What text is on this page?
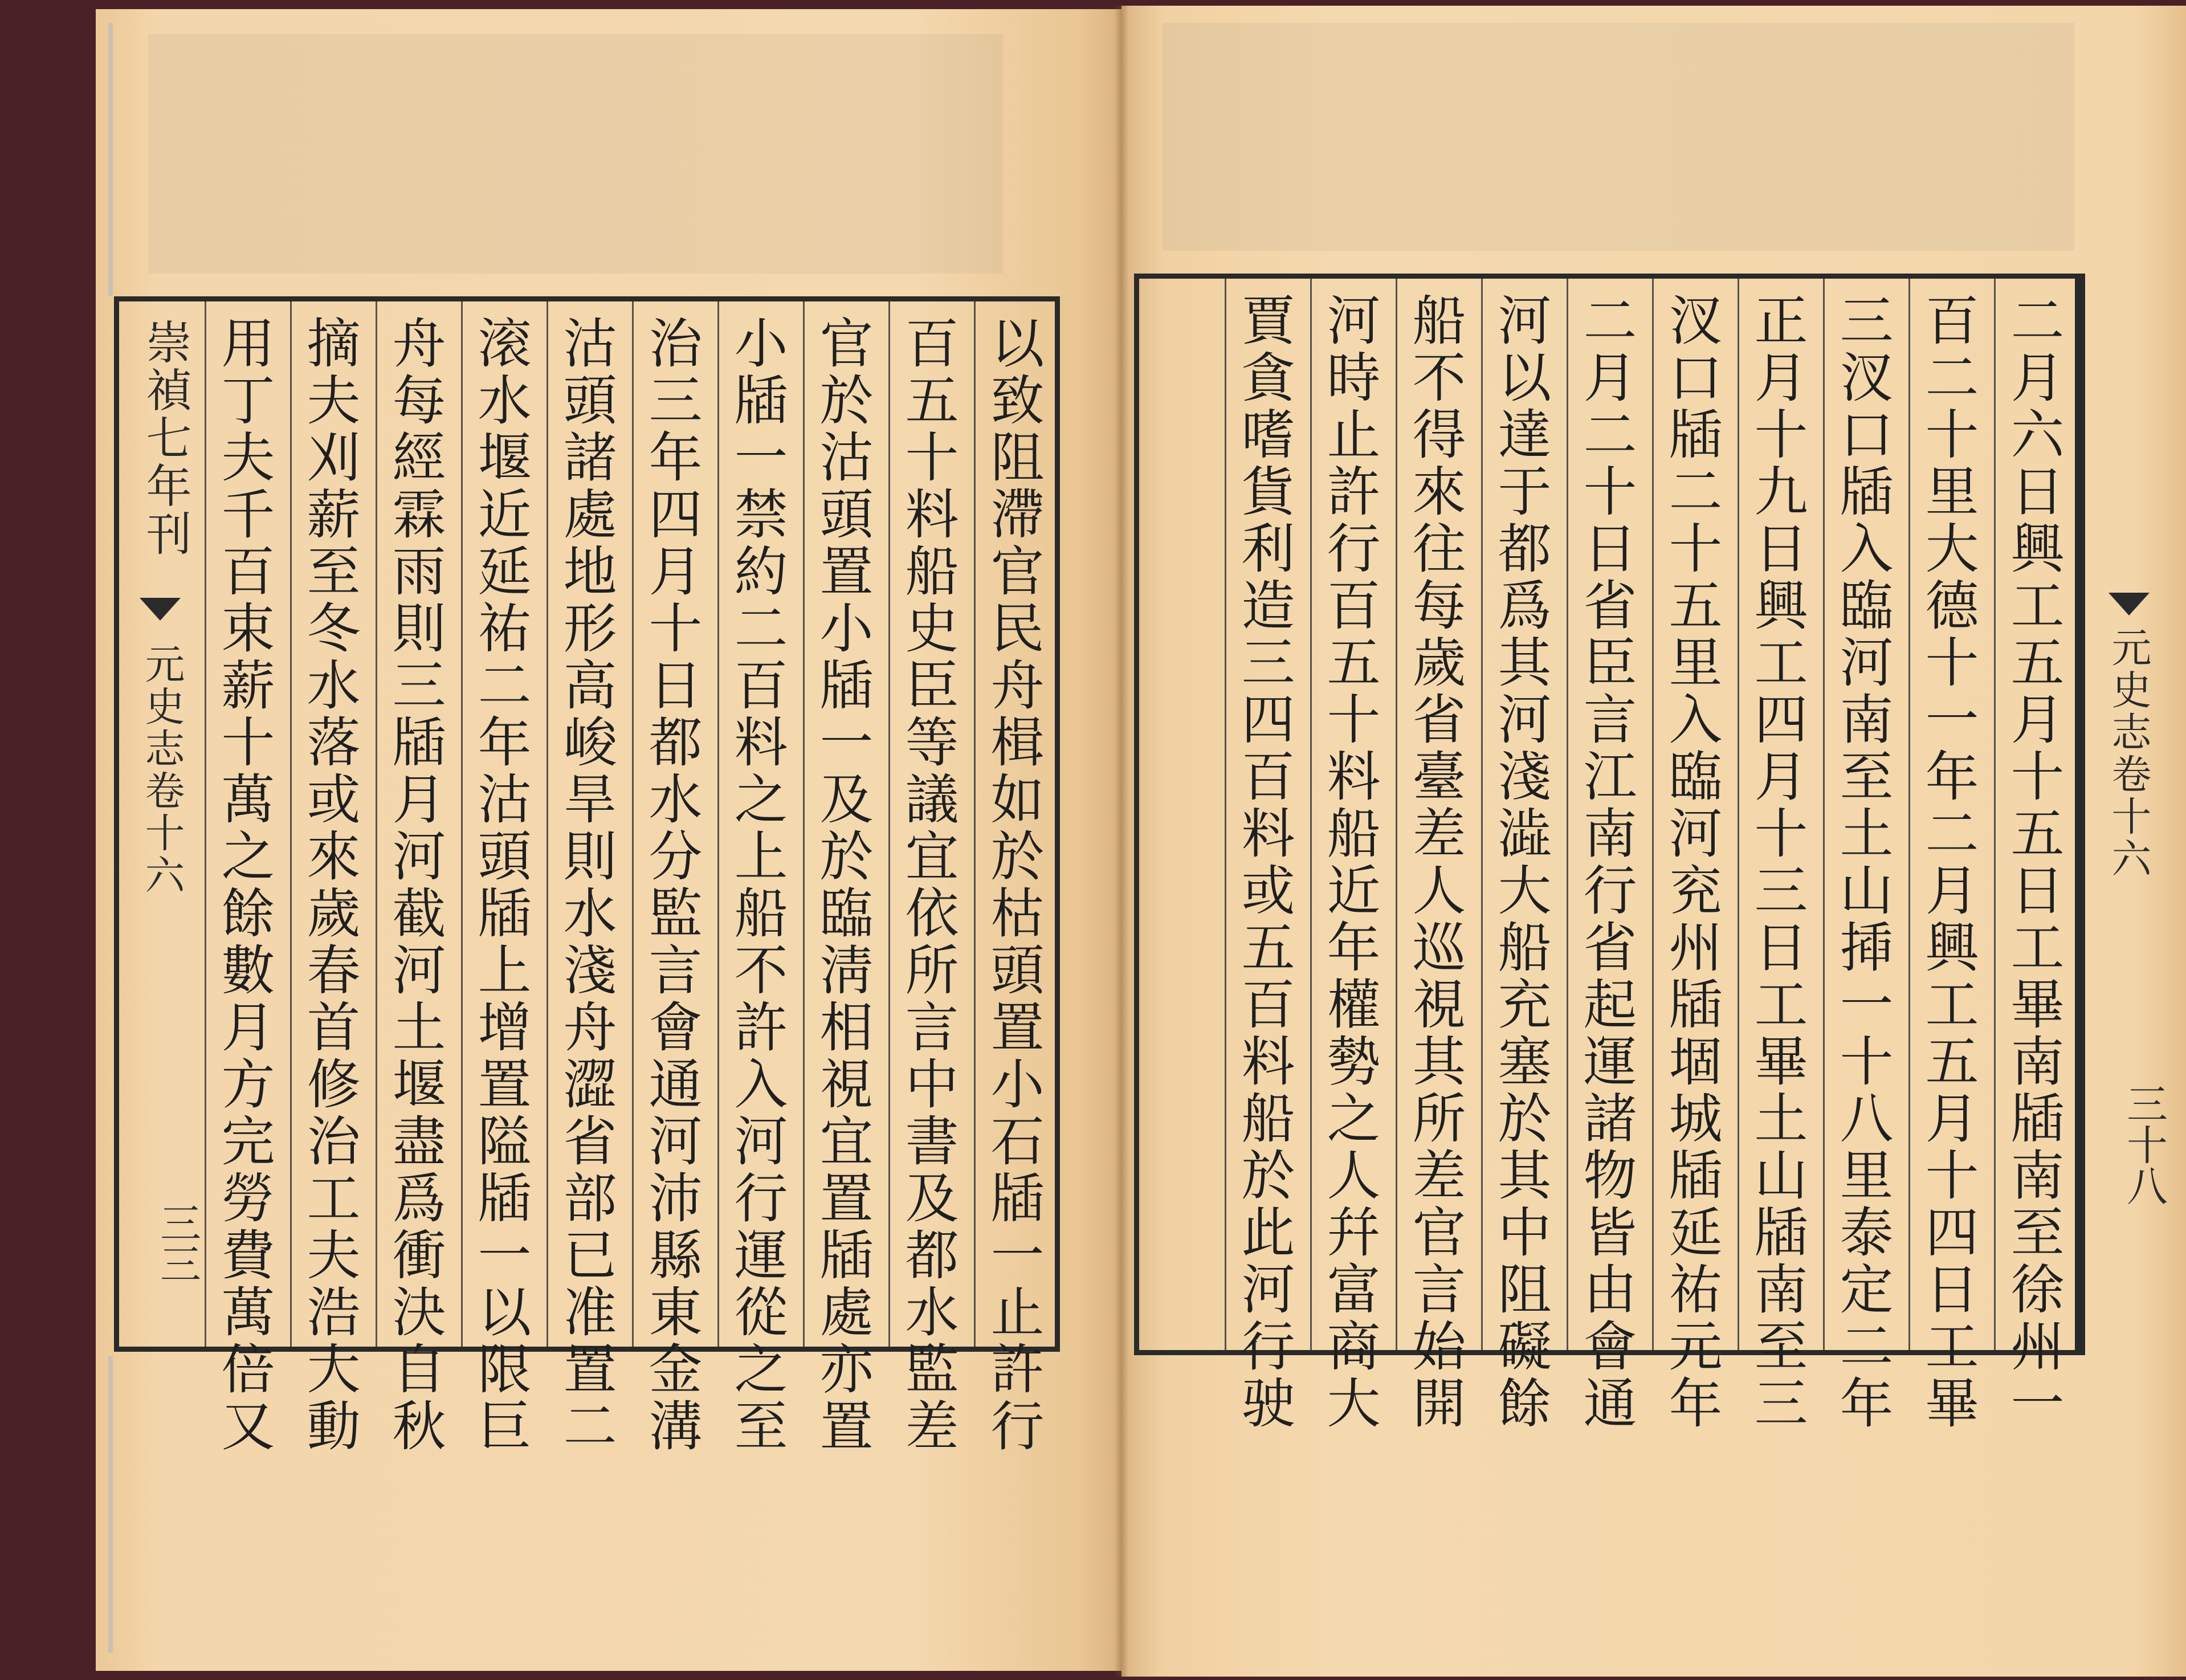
崇禎七年刊
元史志卷十六
三三	以致阻滯官民舟楫如於枯頭置小石牐一止許行
百五十料船史臣等議宜依所言中書及都水監差
官於沽頭置小牐一及於臨淸相視宜置牐處亦置
小牐一禁約二百料之上船不許入河行運從之至
治三年四月十日都水分監言會通河沛縣東金溝
沽頭諸處地形高峻旱則水淺舟澀省部已准置二
滚水堰近延祐二年沽頭牐上增置隘牐一以限巨
舟每經霖雨則三牐月河截河土堰盡爲衝決自秋
摘夫刈薪至冬水落或來歲春首修治工夫浩大動
用丁夫千百束薪十萬之餘數月方完勞費萬倍又	二月六日興工五月十五日工畢南牐南至徐州一
百二十里大德十一年二月興工五月十四日工畢
三汊口牐入臨河南至土山揷一十八里泰定二年
正月十九日興工四月十三日工畢土山牐南至三
汊口牐二十五里入臨河兖州牐堌城牐延祐元年
二月二十日省臣言江南行省起運諸物皆由會通
河以達于都爲其河淺澁大船充塞於其中阻礙餘
船不得來往每歲省臺差人巡視其所差官言始開
河時止許行百五十料船近年權勢之人幷富商大
賈貪嗜貨利造三四百料或五百料船於此河行驶	元史志卷十六
三十八
